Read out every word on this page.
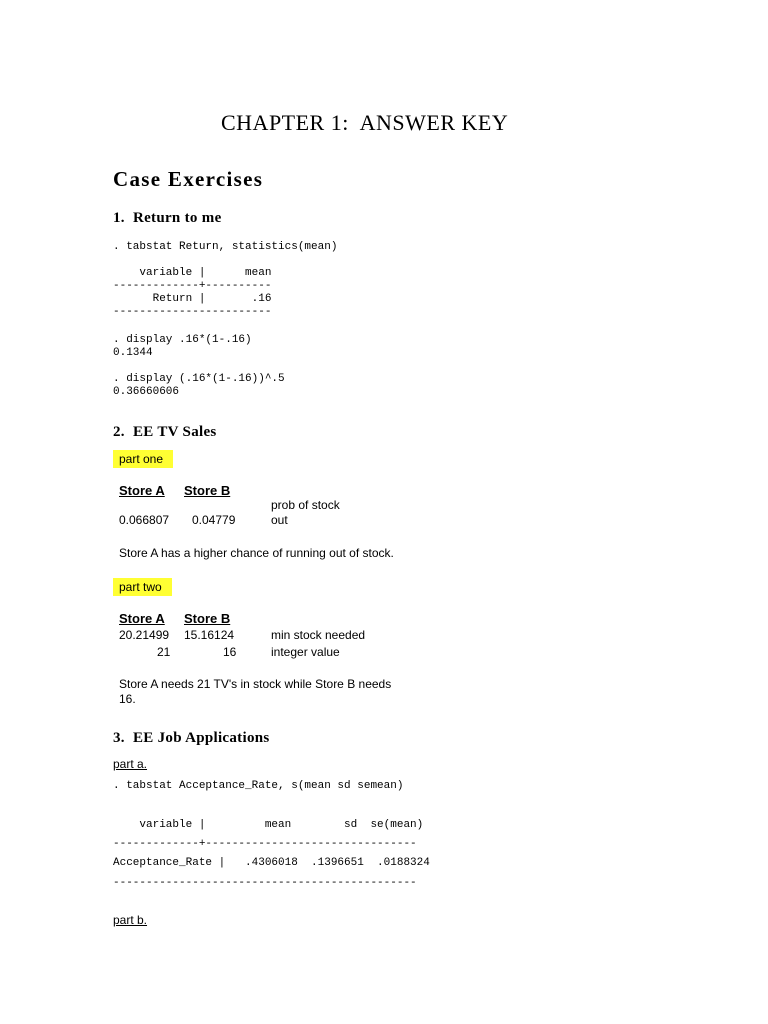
CHAPTER 1:  ANSWER KEY
Case Exercises
1.  Return to me
. tabstat Return, statistics(mean)
variable |      mean
-------------+----------
Return |       .16
------------------------
. display .16*(1-.16)
0.1344
. display (.16*(1-.16))^.5
0.36660606
2.  EE TV Sales
part one
Store A Store B
prob of stock
0.066807 0.04779	out
Store A has a higher chance of running out of stock.
part two
Store A Store B
20.21499 15.16124	min stock needed
21	16	integer value
Store A needs 21 TV's in stock while Store B needs
16.
3.  EE Job Applications
part a.
. tabstat Acceptance_Rate, s(mean sd semean)
variable |         mean        sd  se(mean)
-------------+--------------------------------
Acceptance_Rate |   .4306018  .1396651  .0188324
----------------------------------------------
part b.
